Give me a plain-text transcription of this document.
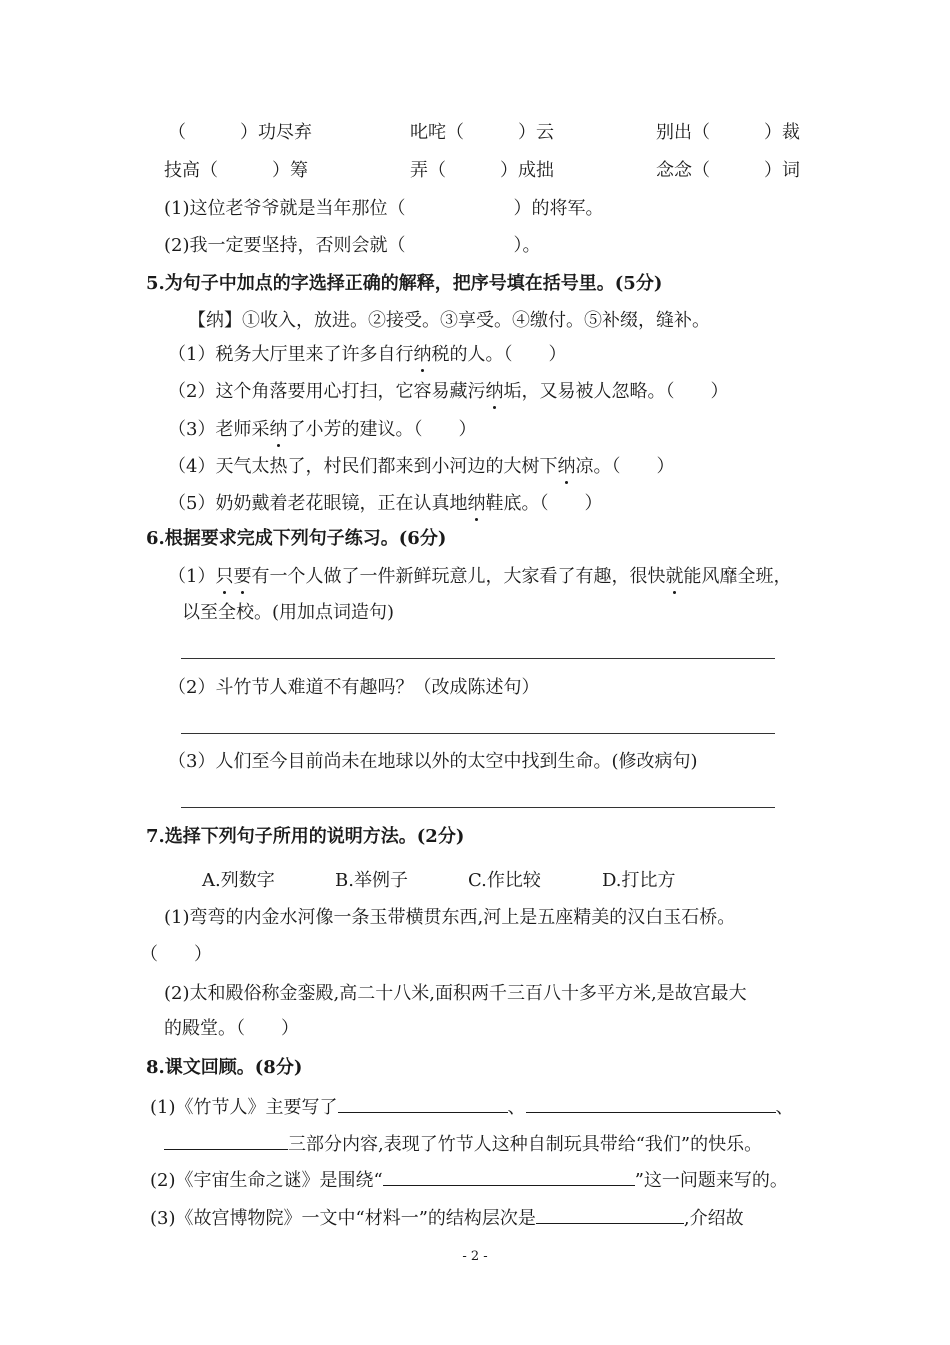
（　　　）功尽弃	叱咤（　　　）云	别出（　　　）裁
技高（　　　）筹	弄（　　　）成拙	念念（　　　）词
(1)这位老爷爷就是当年那位（　　　　　　）的将军。
(2)我一定要坚持，否则会就（　　　　　　）。
5.为句子中加点的字选择正确的解释，把序号填在括号里。(5分)
【纳】①收入，放进。②接受。③享受。④缴付。⑤补缀，缝补。
（1）税务大厅里来了许多自行纳税的人。（　　）
（2）这个角落要用心打扫，它容易藏污纳垢，又易被人忽略。（　　）
（3）老师采纳了小芳的建议。（　　）
（4）天气太热了，村民们都来到小河边的大树下纳凉。（　　）
（5）奶奶戴着老花眼镜，正在认真地纳鞋底。（　　）
6.根据要求完成下列句子练习。(6分)
（1）只要有一个人做了一件新鲜玩意儿，大家看了有趣，很快就能风靡全班，
以至全校。(用加点词造句)
（2）斗竹节人难道不有趣吗？（改成陈述句）
（3）人们至今目前尚未在地球以外的太空中找到生命。(修改病句)
7.选择下列句子所用的说明方法。(2分)
A.列数字	B.举例子	C.作比较	D.打比方
(1)弯弯的内金水河像一条玉带横贯东西,河上是五座精美的汉白玉石桥。
（　　）
(2)太和殿俗称金銮殿,高二十八米,面积两千三百八十多平方米,是故宫最大
的殿堂。（　　）
8.课文回顾。(8分)
(1)《竹节人》主要写了	、	、
三部分内容,表现了竹节人这种自制玩具带给“我们”的快乐。
(2)《宇宙生命之谜》是围绕“	”这一问题来写的。
(3)《故宫博物院》一文中“材料一”的结构层次是	,介绍故
- 2 -
